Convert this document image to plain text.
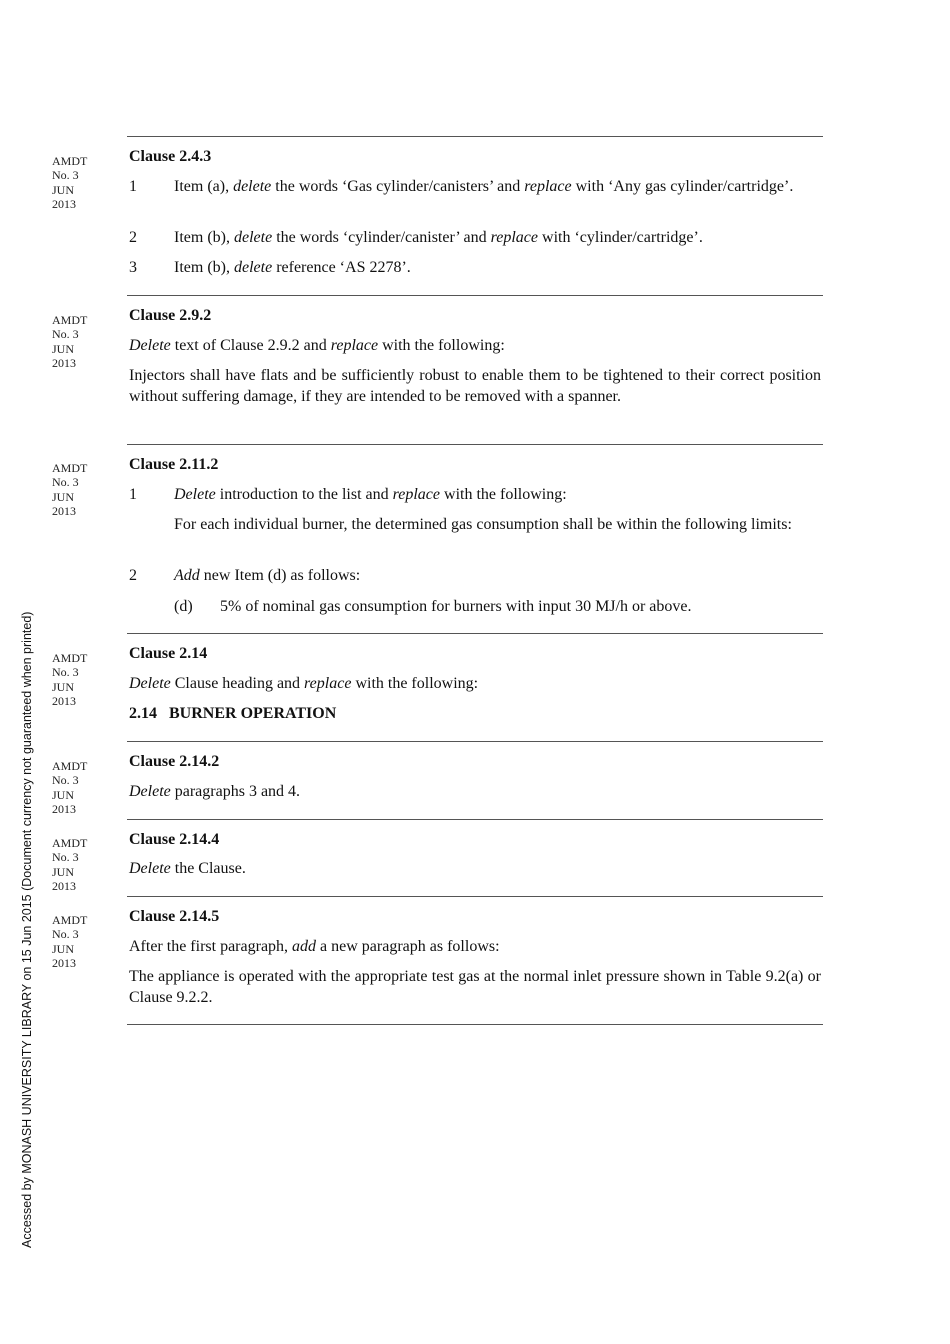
Accessed by MONASH UNIVERSITY LIBRARY on 15 Jun 2015 (Document currency not guaranteed when printed)
AMDT
No. 3
JUN
2013
AMDT
No. 3
JUN
2013
AMDT
No. 3
JUN
2013
AMDT
No. 3
JUN
2013
AMDT
No. 3
JUN
2013
AMDT
No. 3
JUN
2013
AMDT
No. 3
JUN
2013
Clause 2.4.3
1 Item (a), delete the words ‘Gas cylinder/canisters’ and replace with ‘Any gas cylinder/cartridge’.
2 Item (b), delete the words ‘cylinder/canister’ and replace with ‘cylinder/cartridge’.
3 Item (b), delete reference ‘AS 2278’.
Clause 2.9.2
Delete text of Clause 2.9.2 and replace with the following:
Injectors shall have flats and be sufficiently robust to enable them to be tightened to their correct position without suffering damage, if they are intended to be removed with a spanner.
Clause 2.11.2
1 Delete introduction to the list and replace with the following:
For each individual burner, the determined gas consumption shall be within the following limits:
2 Add new Item (d) as follows:
(d) 5% of nominal gas consumption for burners with input 30 MJ/h or above.
Clause 2.14
Delete Clause heading and replace with the following:
2.14   BURNER OPERATION
Clause 2.14.2
Delete paragraphs 3 and 4.
Clause 2.14.4
Delete the Clause.
Clause 2.14.5
After the first paragraph, add a new paragraph as follows:
The appliance is operated with the appropriate test gas at the normal inlet pressure shown in Table 9.2(a) or Clause 9.2.2.
